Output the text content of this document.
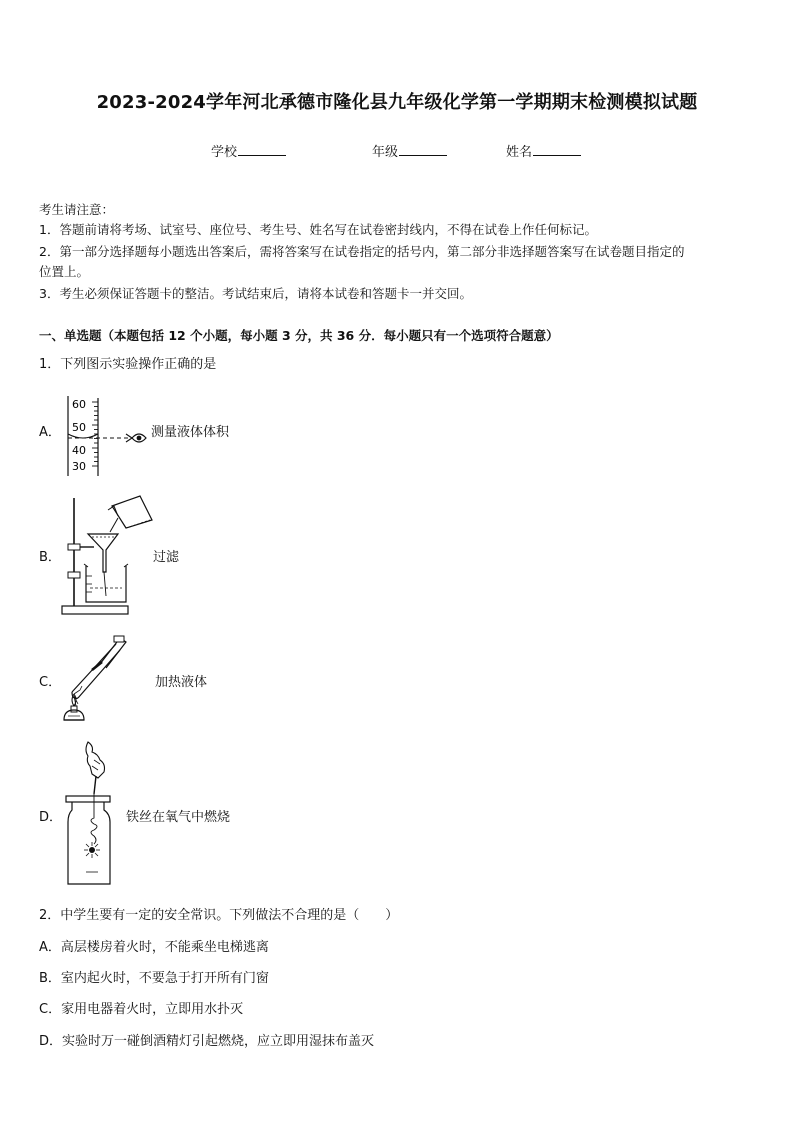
2023-2024学年河北承德市隆化县九年级化学第一学期期末检测模拟试题
学校	年级	姓名
考生请注意：
1．答题前请将考场、试室号、座位号、考生号、姓名写在试卷密封线内，不得在试卷上作任何标记。
2．第一部分选择题每小题选出答案后，需将答案写在试卷指定的括号内，第二部分非选择题答案写在试卷题目指定的
位置上。
3．考生必须保证答题卡的整洁。考试结束后，请将本试卷和答题卡一并交回。
一、单选题（本题包括 12 个小题，每小题 3 分，共 36 分．每小题只有一个选项符合题意）
1．下列图示实验操作正确的是
A．
60
50
40
30
测量液体体积
B．	过滤
C．	加热液体
D．	铁丝在氧气中燃烧
2．中学生要有一定的安全常识。下列做法不合理的是（　　）
A．高层楼房着火时，不能乘坐电梯逃离
B．室内起火时，不要急于打开所有门窗
C．家用电器着火时，立即用水扑灭
D．实验时万一碰倒酒精灯引起燃烧，应立即用湿抹布盖灭
